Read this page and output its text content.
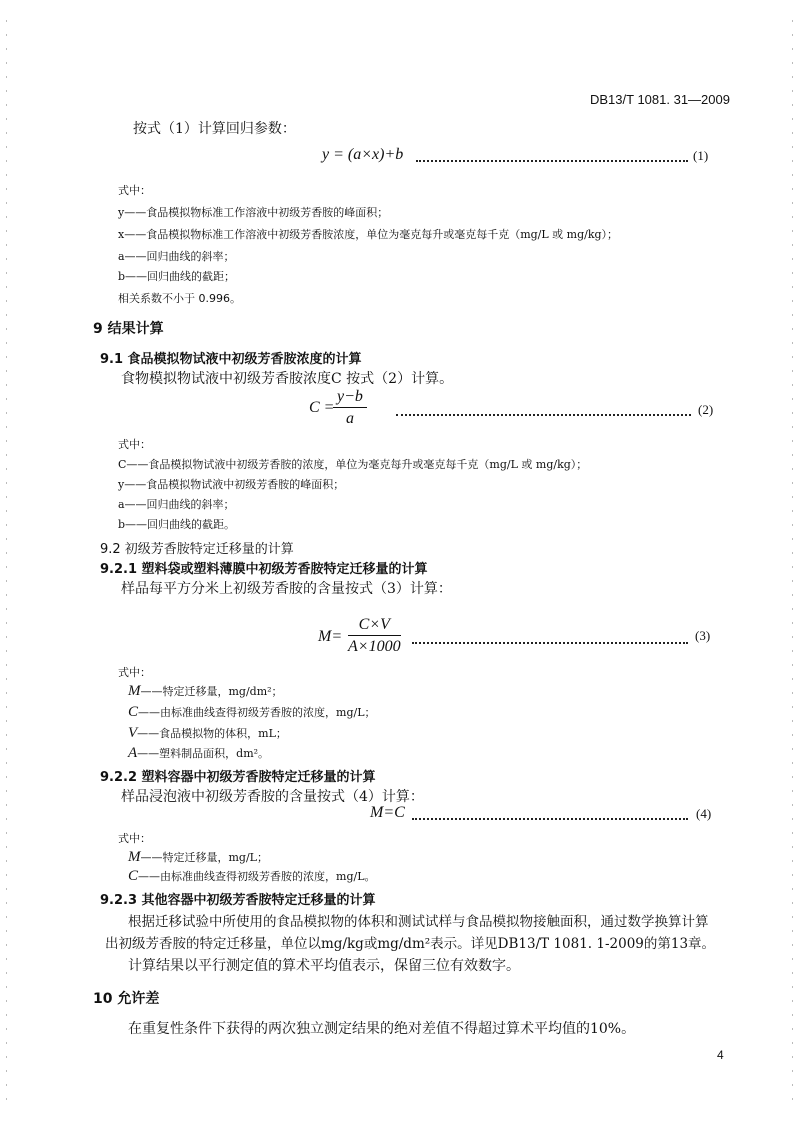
DB13/T 1081. 31—2009
按式（1）计算回归参数：
y = (a×x)+b	(1)
式中：
y——食品模拟物标准工作溶液中初级芳香胺的峰面积；
x——食品模拟物标准工作溶液中初级芳香胺浓度，单位为毫克每升或毫克每千克（mg/L 或 mg/kg）；
a——回归曲线的斜率；
b——回归曲线的截距；
相关系数不小于 0.996。
9 结果计算
9.1 食品模拟物试液中初级芳香胺浓度的计算
食物模拟物试液中初级芳香胺浓度C 按式（2）计算。
C =
$\frac{y-b}{a}$	(2)
式中：
C——食品模拟物试液中初级芳香胺的浓度，单位为毫克每升或毫克每千克（mg/L 或 mg/kg）；
y——食品模拟物试液中初级芳香胺的峰面积；
a——回归曲线的斜率；
b——回归曲线的截距。
9.2 初级芳香胺特定迁移量的计算
9.2.1 塑料袋或塑料薄膜中初级芳香胺特定迁移量的计算
样品每平方分米上初级芳香胺的含量按式（3）计算：
$M= \frac{C\times V}{A\times 1000}$	(3)
式中：
M——特定迁移量，mg/dm²；
C——由标准曲线查得初级芳香胺的浓度，mg/L；
V——食品模拟物的体积，mL；
A——塑料制品面积，dm²。
9.2.2 塑料容器中初级芳香胺特定迁移量的计算
样品浸泡液中初级芳香胺的含量按式（4）计算：
M=C	(4)
式中：
M——特定迁移量，mg/L；
C——由标准曲线查得初级芳香胺的浓度，mg/L。
9.2.3 其他容器中初级芳香胺特定迁移量的计算
根据迁移试验中所使用的食品模拟物的体积和测试试样与食品模拟物接触面积，通过数学换算计算
出初级芳香胺的特定迁移量，单位以mg/kg或mg/dm²表示。详见DB13/T 1081. 1-2009的第13章。
计算结果以平行测定值的算术平均值表示，保留三位有效数字。
10 允许差
在重复性条件下获得的两次独立测定结果的绝对差值不得超过算术平均值的10%。
4
